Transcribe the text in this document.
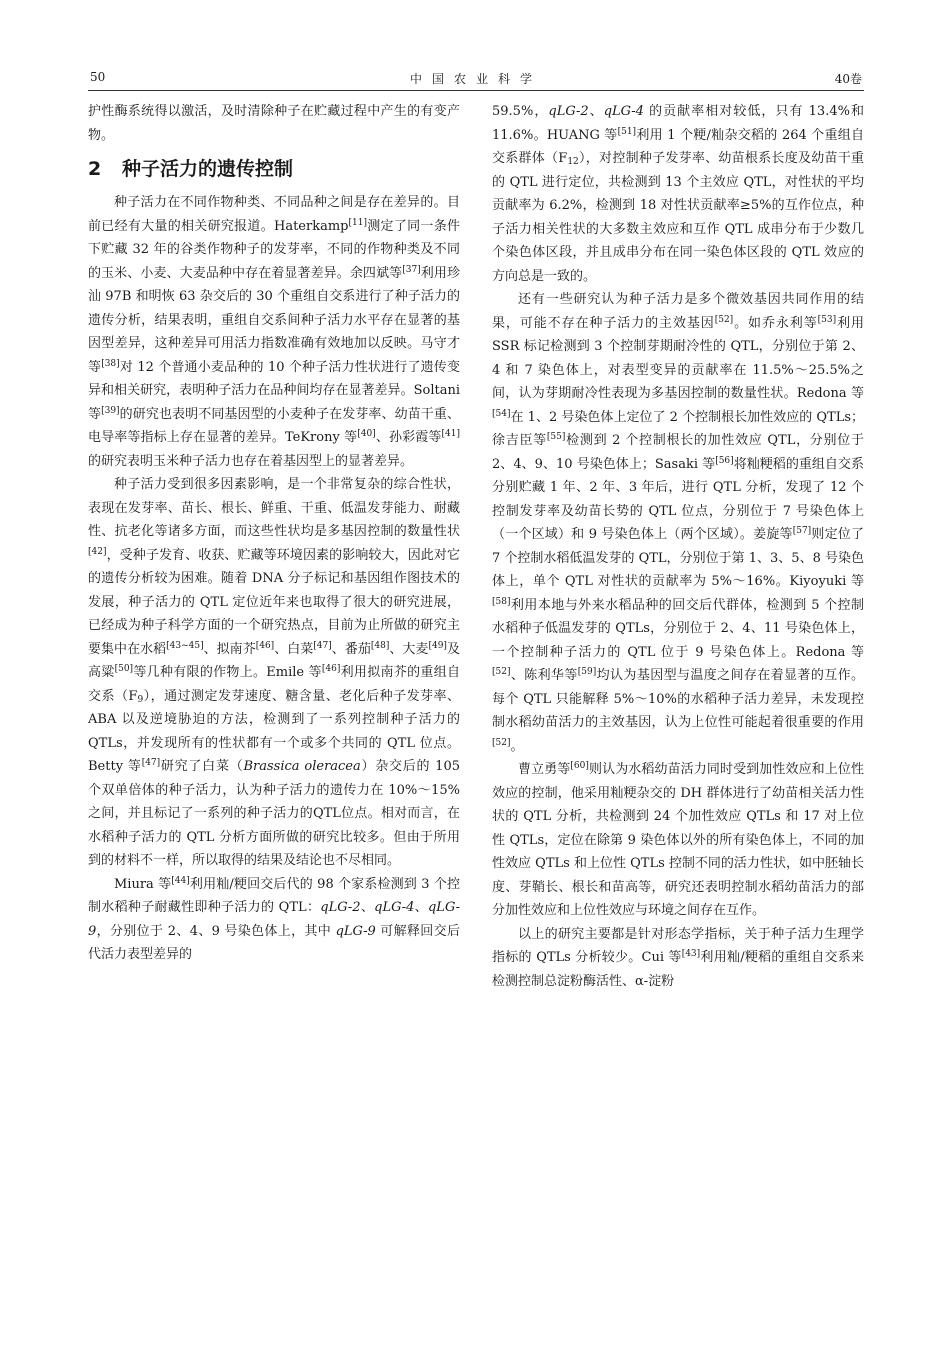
50	中国农业科学	40卷

护性酶系统得以激活，及时清除种子在贮藏过程中产生的有变产物。

2 种子活力的遗传控制

种子活力在不同作物种类、不同品种之间是存在差异的。目前已经有大量的相关研究报道。Haterkamp[11]测定了同一条件下贮藏 32 年的谷类作物种子的发芽率，不同的作物种类及不同的玉米、小麦、大麦品种中存在着显著差异。余四斌等[37]利用珍汕 97B 和明恢 63 杂交后的 30 个重组自交系进行了种子活力的遗传分析，结果表明，重组自交系间种子活力水平存在显著的基因型差异，这种差异可用活力指数准确有效地加以反映。马守才等[38]对 12 个普通小麦品种的 10 个种子活力性状进行了遗传变异和相关研究，表明种子活力在品种间均存在显著差异。Soltani 等[39]的研究也表明不同基因型的小麦种子在发芽率、幼苗干重、电导率等指标上存在显著的差异。TeKrony 等[40]、孙彩霞等[41]的研究表明玉米种子活力也存在着基因型上的显著差异。

种子活力受到很多因素影响，是一个非常复杂的综合性状，表现在发芽率、苗长、根长、鲜重、干重、低温发芽能力、耐藏性、抗老化等诸多方面，而这些性状均是多基因控制的数量性状[42]，受种子发育、收获、贮藏等环境因素的影响较大，因此对它的遗传分析较为困难。随着 DNA 分子标记和基因组作图技术的发展，种子活力的 QTL 定位近年来也取得了很大的研究进展，已经成为种子科学方面的一个研究热点，目前为止所做的研究主要集中在水稻[43~45]、拟南芥[46]、白菜[47]、番茄[48]、大麦[49]及高粱[50]等几种有限的作物上。Emile 等[46]利用拟南芥的重组自交系$(F_9)$，通过测定发芽速度、糖含量、老化后种子发芽率、ABA 以及逆境胁迫的方法，检测到了一系列控制种子活力的 QTLs，并发现所有的性状都有一个或多个共同的 QTL 位点。Betty 等[47]研究了白菜（Brassica oleracea）杂交后的 105 个双单倍体的种子活力，认为种子活力的遗传力在 10%～15%之间，并且标记了一系列的种子活力的QTL位点。相对而言，在水稻种子活力的 QTL 分析方面所做的研究比较多。但由于所用到的材料不一样，所以取得的结果及结论也不尽相同。

Miura 等[44]利用籼/粳回交后代的 98 个家系检测到 3 个控制水稻种子耐藏性即种子活力的 QTL：qLG-2、qLG-4、qLG-9，分别位于 2、4、9 号染色体上，其中 qLG-9 可解释回交后代活力表型差异的

59.5%，qLG-2、qLG-4 的贡献率相对较低，只有 13.4%和 11.6%。HUANG 等[51]利用 1 个粳/籼杂交稻的 264 个重组自交系群体$(F_{12})$，对控制种子发芽率、幼苗根系长度及幼苗干重的 QTL 进行定位，共检测到 13 个主效应 QTL，对性状的平均贡献率为 6.2%，检测到 18 对性状贡献率≥5%的互作位点，种子活力相关性状的大多数主效应和互作 QTL 成串分布于少数几个染色体区段，并且成串分布在同一染色体区段的 QTL 效应的方向总是一致的。

还有一些研究认为种子活力是多个微效基因共同作用的结果，可能不存在种子活力的主效基因[52]。如乔永利等[53]利用 SSR 标记检测到 3 个控制芽期耐冷性的 QTL，分别位于第 2、4 和 7 染色体上，对表型变异的贡献率在 11.5%～25.5%之间，认为芽期耐冷性表现为多基因控制的数量性状。Redona 等[54]在 1、2 号染色体上定位了 2 个控制根长加性效应的 QTLs；徐吉臣等[55]检测到 2 个控制根长的加性效应 QTL，分别位于 2、4、9、10 号染色体上；Sasaki 等[56]将籼粳稻的重组自交系分别贮藏 1 年、2 年、3 年后，进行 QTL 分析，发现了 12 个控制发芽率及幼苗长势的 QTL 位点，分别位于 7 号染色体上（一个区域）和 9 号染色体上（两个区域）。姜旋等[57]则定位了 7 个控制水稻低温发芽的 QTL，分别位于第 1、3、5、8 号染色体上，单个 QTL 对性状的贡献率为 5%～16%。Kiyoyuki 等[58]利用本地与外来水稻品种的回交后代群体，检测到 5 个控制水稻种子低温发芽的 QTLs，分别位于 2、4、11 号染色体上，一个控制种子活力的 QTL 位于 9 号染色体上。Redona 等[52]、陈利华等[59]均认为基因型与温度之间存在着显著的互作。每个 QTL 只能解释 5%～10%的水稻种子活力差异，未发现控制水稻幼苗活力的主效基因，认为上位性可能起着很重要的作用[52]。

曹立勇等[60]则认为水稻幼苗活力同时受到加性效应和上位性效应的控制，他采用籼粳杂交的 DH 群体进行了幼苗相关活力性状的 QTL 分析，共检测到 24 个加性效应 QTLs 和 17 对上位性 QTLs，定位在除第 9 染色体以外的所有染色体上，不同的加性效应 QTLs 和上位性 QTLs 控制不同的活力性状，如中胚轴长度、芽鞘长、根长和苗高等，研究还表明控制水稻幼苗活力的部分加性效应和上位性效应与环境之间存在互作。

以上的研究主要都是针对形态学指标，关于种子活力生理学指标的 QTLs 分析较少。Cui 等[43]利用籼/粳稻的重组自交系来检测控制总淀粉酶活性、α-淀粉
